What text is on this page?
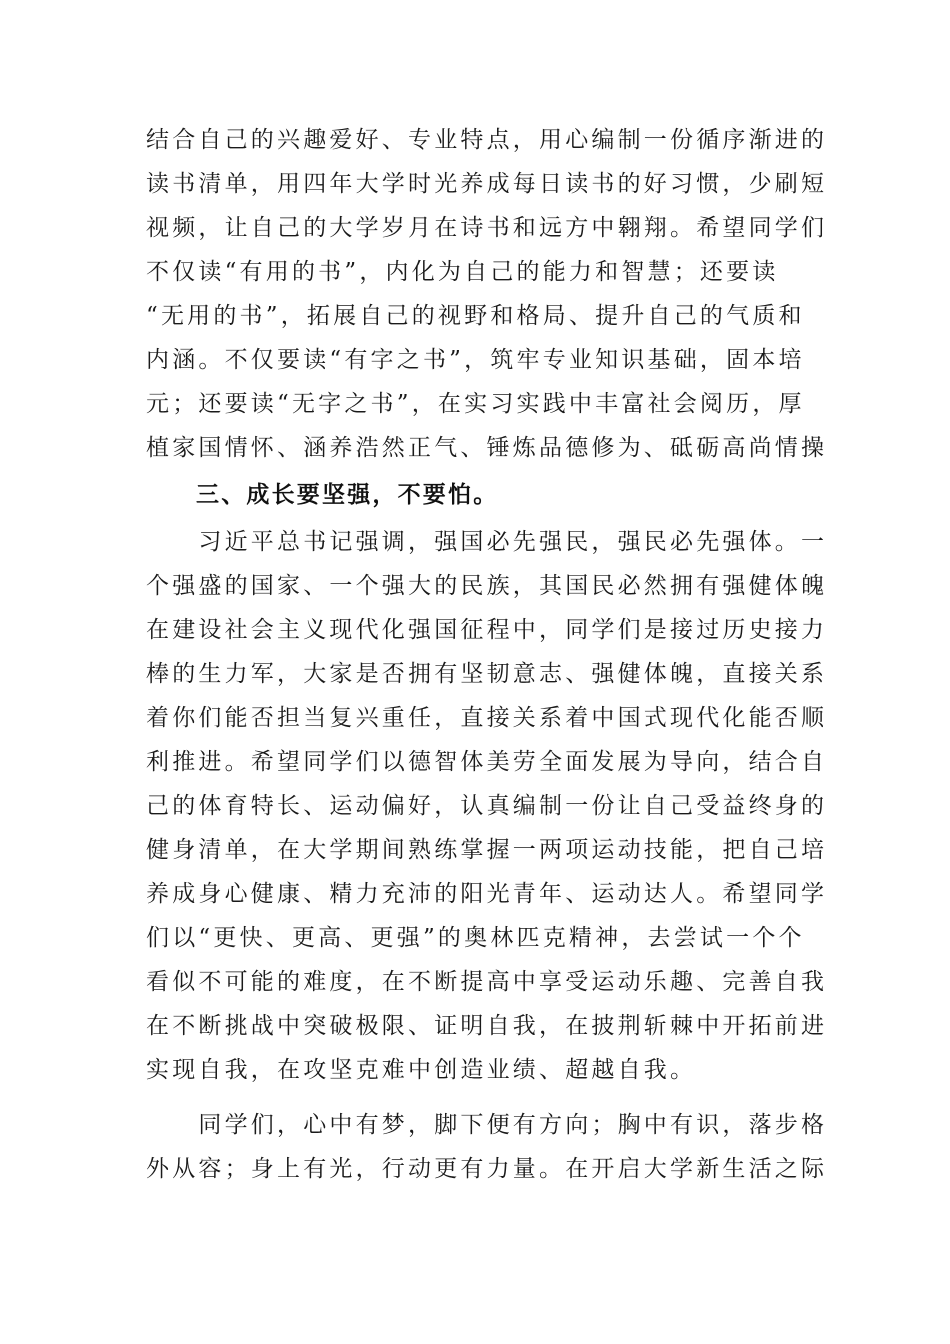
结合自己的兴趣爱好、专业特点，用心编制一份循序渐进的
读书清单，用四年大学时光养成每日读书的好习惯，少刷短
视频，让自己的大学岁月在诗书和远方中翱翔。希望同学们
不仅读“有用的书”，内化为自己的能力和智慧；还要读
“无用的书”，拓展自己的视野和格局、提升自己的气质和
内涵。不仅要读“有字之书”，筑牢专业知识基础，固本培
元；还要读“无字之书”，在实习实践中丰富社会阅历，厚
植家国情怀、涵养浩然正气、锤炼品德修为、砥砺高尚情操
三、成长要坚强，不要怕。
　　习近平总书记强调，强国必先强民，强民必先强体。一
个强盛的国家、一个强大的民族，其国民必然拥有强健体魄
在建设社会主义现代化强国征程中，同学们是接过历史接力
棒的生力军，大家是否拥有坚韧意志、强健体魄，直接关系
着你们能否担当复兴重任，直接关系着中国式现代化能否顺
利推进。希望同学们以德智体美劳全面发展为导向，结合自
己的体育特长、运动偏好，认真编制一份让自己受益终身的
健身清单，在大学期间熟练掌握一两项运动技能，把自己培
养成身心健康、精力充沛的阳光青年、运动达人。希望同学
们以“更快、更高、更强”的奥林匹克精神，去尝试一个个
看似不可能的难度，在不断提高中享受运动乐趣、完善自我
在不断挑战中突破极限、证明自我，在披荆斩棘中开拓前进
实现自我，在攻坚克难中创造业绩、超越自我。
　　同学们，心中有梦，脚下便有方向；胸中有识，落步格
外从容；身上有光，行动更有力量。在开启大学新生活之际
